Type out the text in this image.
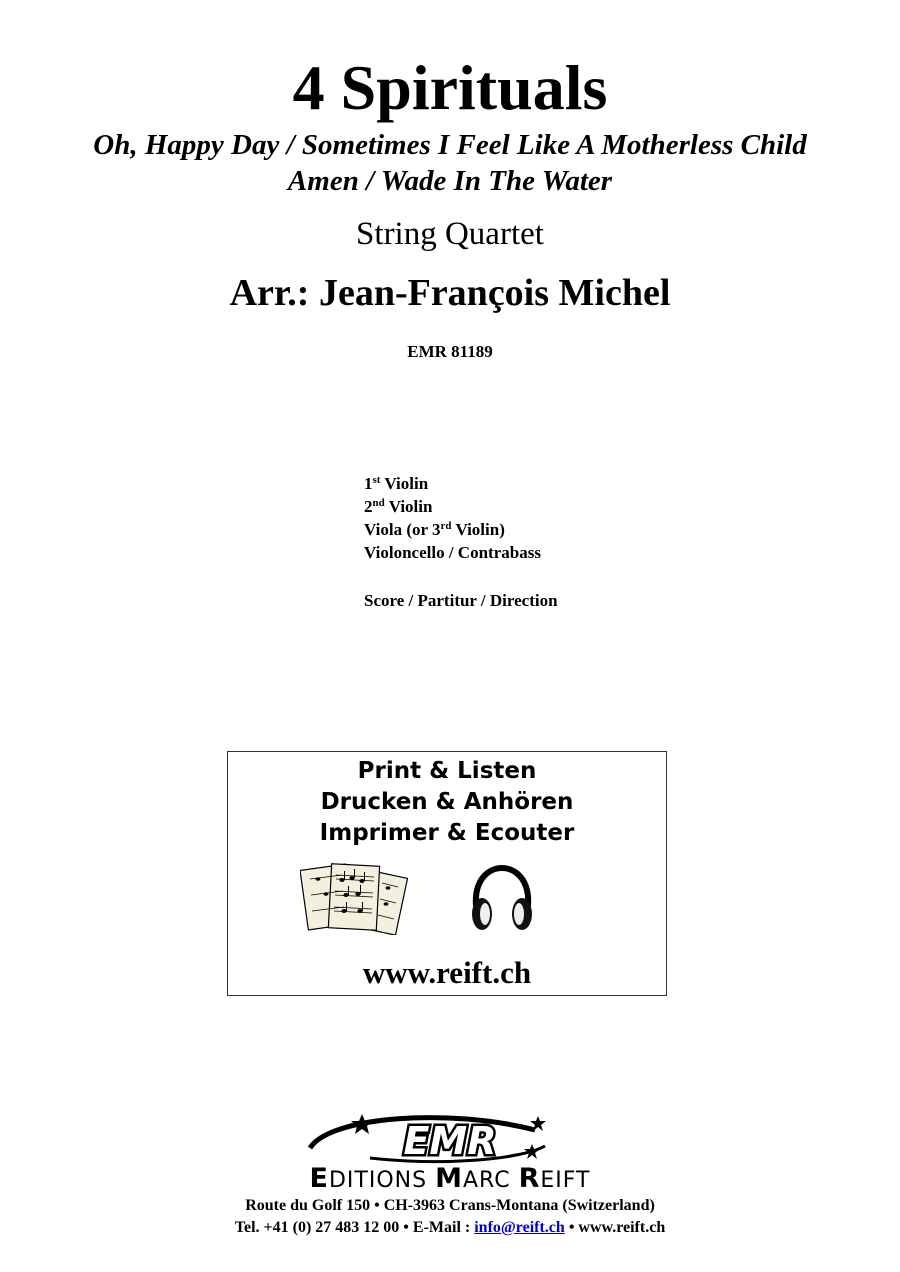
4 Spirituals
Oh, Happy Day / Sometimes I Feel Like A Motherless Child
Amen / Wade In The Water
String Quartet
Arr.: Jean-François Michel
EMR 81189
1st Violin
2nd Violin
Viola (or 3rd Violin)
Violoncello / Contrabass
Score / Partitur / Direction
Print & Listen
Drucken & Anhören
Imprimer & Ecouter
www.reift.ch
EMR
EDITIONS MARC REIFT
Route du Golf 150 • CH-3963 Crans-Montana (Switzerland)
Tel. +41 (0) 27 483 12 00 • E-Mail : info@reift.ch • www.reift.ch
